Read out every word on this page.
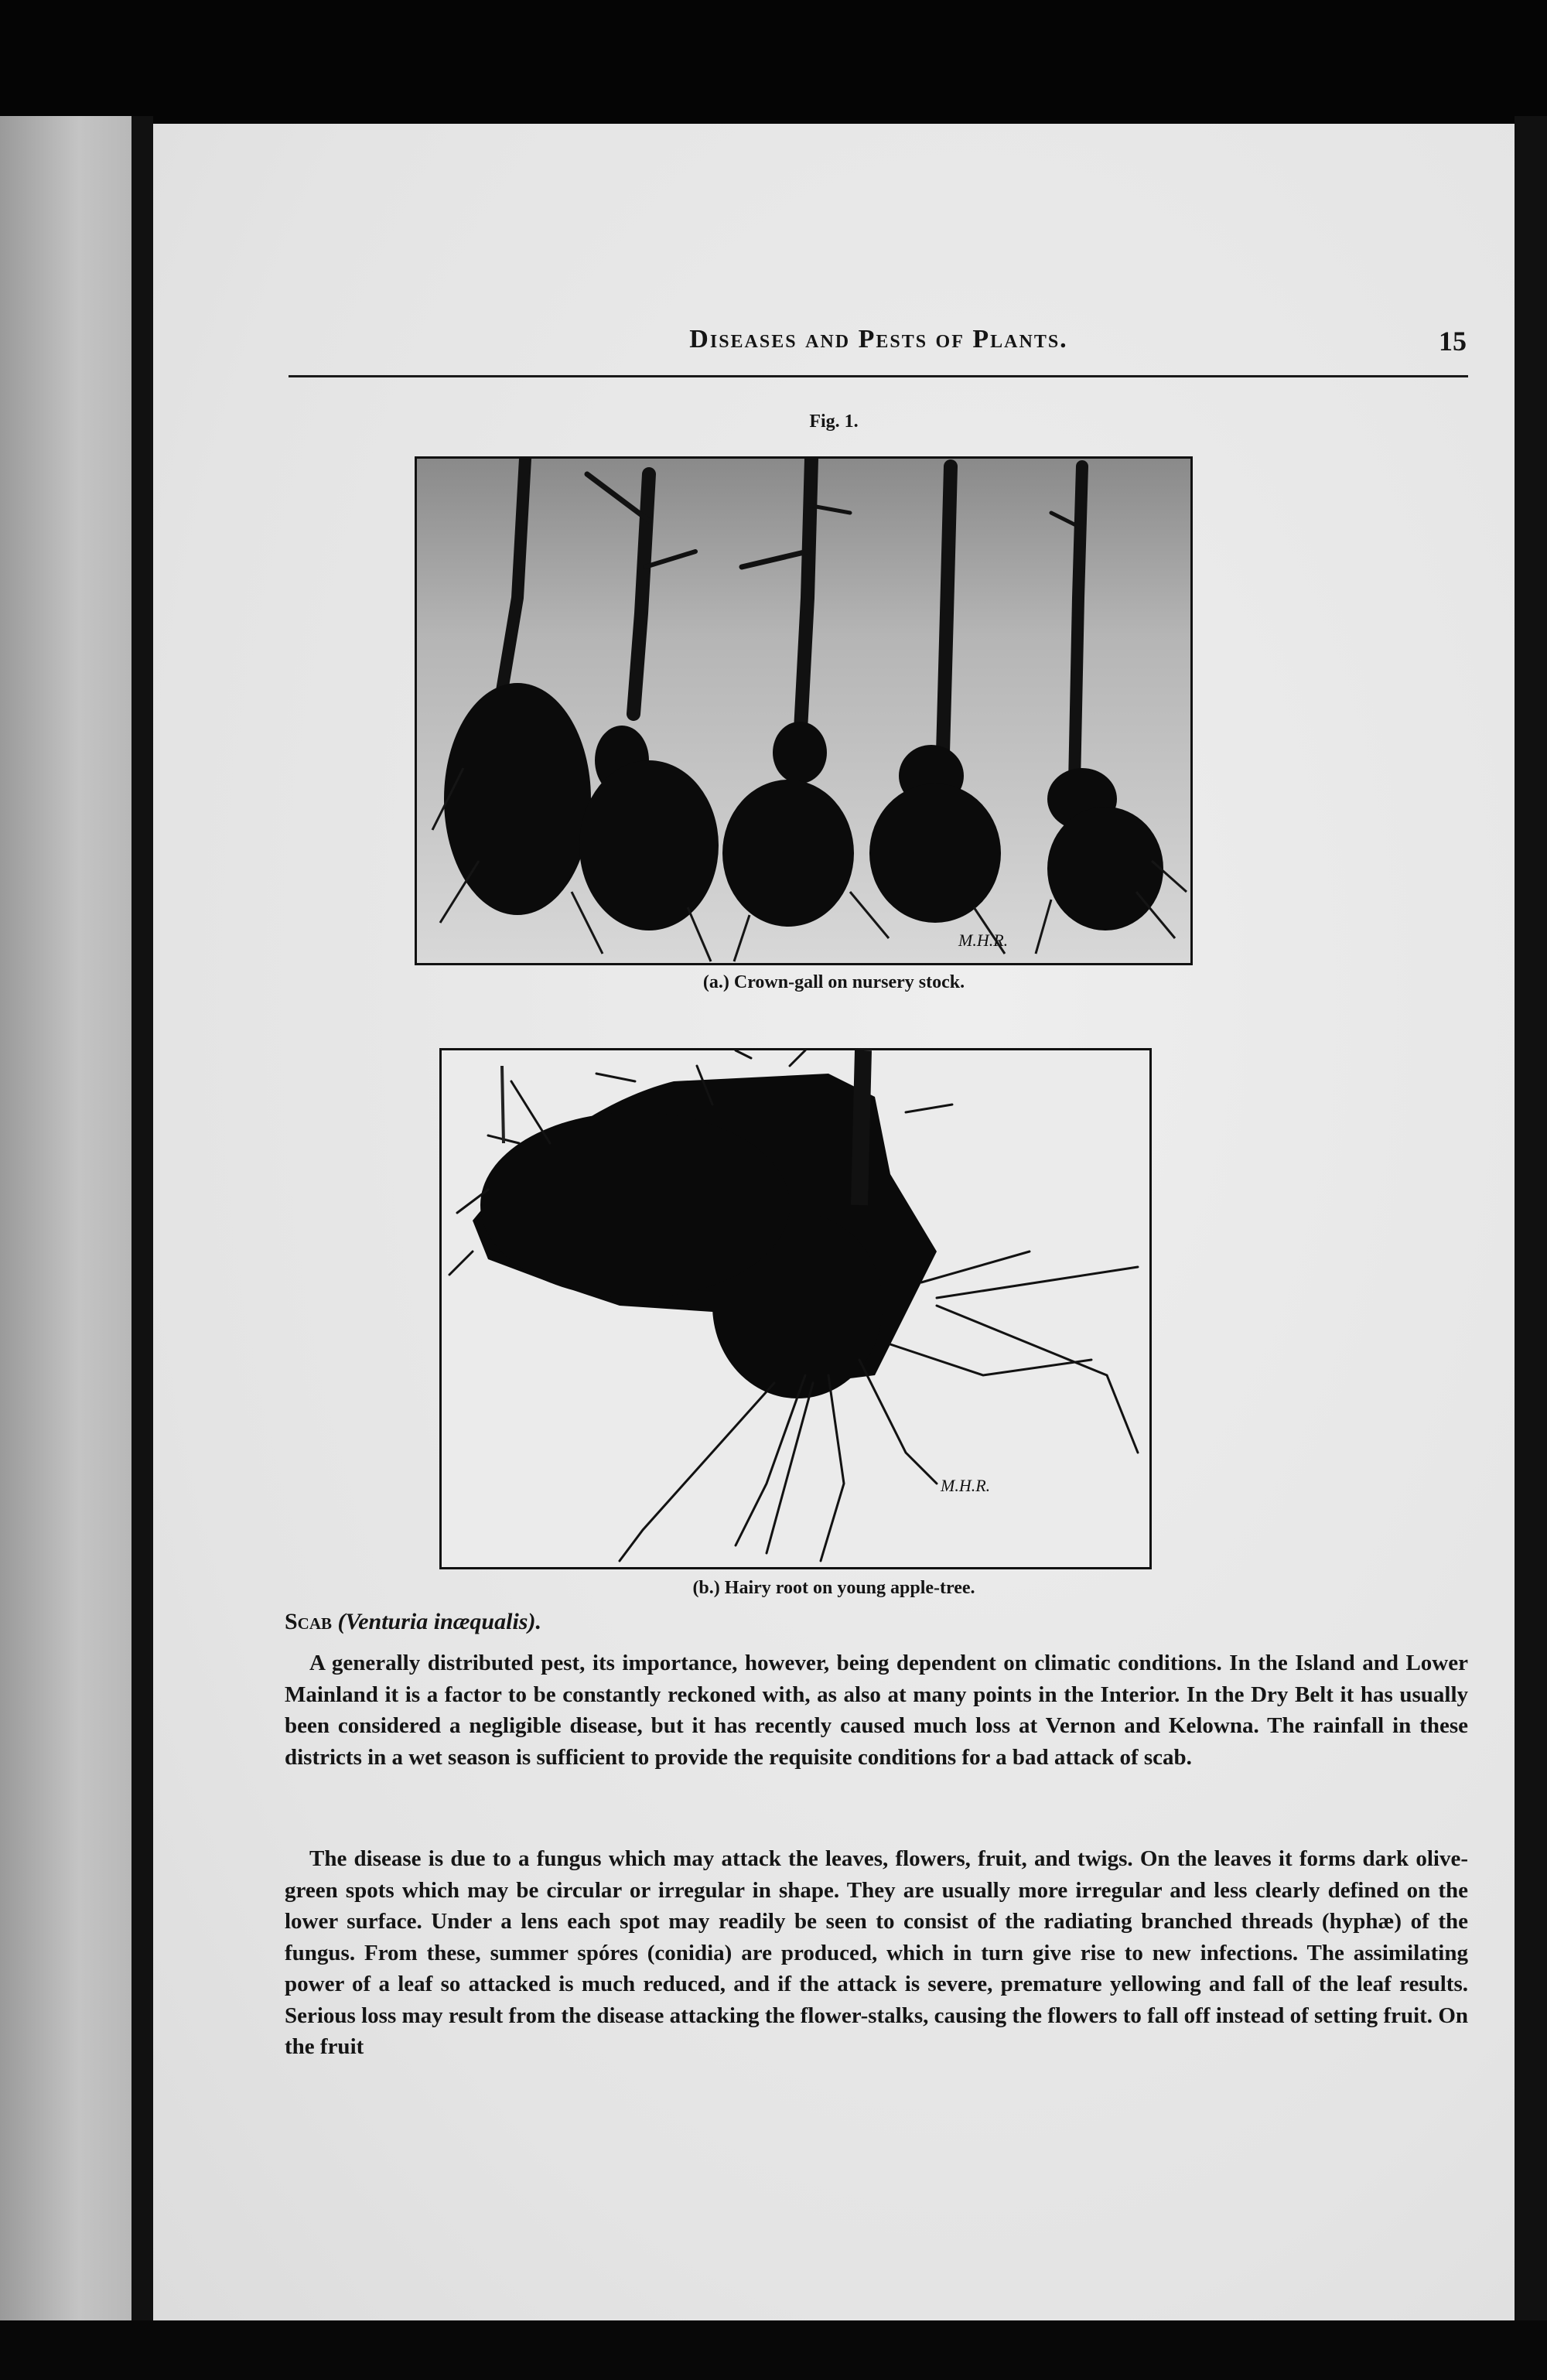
Diseases and Pests of Plants.	15
Fig. 1.
M.H.R.
(a.) Crown-gall on nursery stock.
M.H.R.
(b.) Hairy root on young apple-tree.
Scab (Venturia inæqualis).

A generally distributed pest, its importance, however, being dependent on climatic conditions. In the Island and Lower Mainland it is a factor to be constantly reckoned with, as also at many points in the Interior. In the Dry Belt it has usually been considered a negligible disease, but it has recently caused much loss at Vernon and Kelowna. The rainfall in these districts in a wet season is sufficient to provide the requisite conditions for a bad attack of scab.

The disease is due to a fungus which may attack the leaves, flowers, fruit, and twigs. On the leaves it forms dark olive-green spots which may be circular or irregular in shape. They are usually more irregular and less clearly defined on the lower surface. Under a lens each spot may readily be seen to consist of the radiating branched threads (hyphæ) of the fungus. From these, summer spóres (conidia) are produced, which in turn give rise to new infections. The assimilating power of a leaf so attacked is much reduced, and if the attack is severe, premature yellowing and fall of the leaf results. Serious loss may result from the disease attacking the flower-stalks, causing the flowers to fall off instead of setting fruit. On the fruit
